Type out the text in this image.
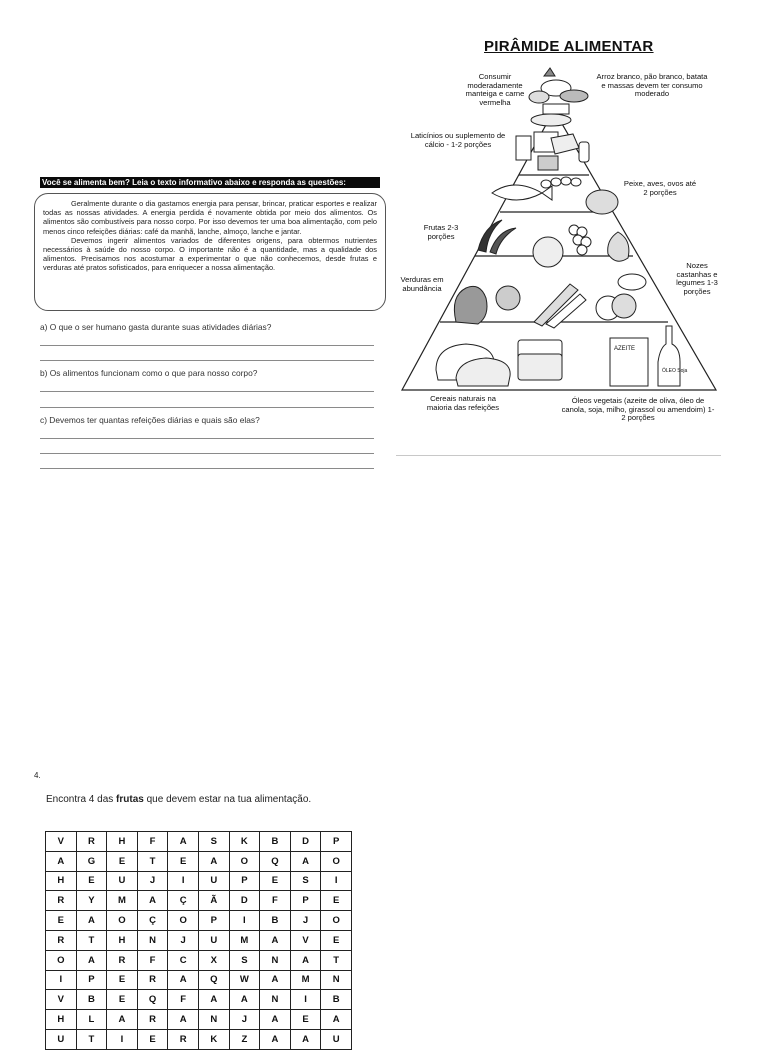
Você se alimenta bem? Leia o texto informativo abaixo e responda as questões:

Geralmente durante o dia gastamos energia para pensar, brincar, praticar esportes e realizar todas as nossas atividades. A energia perdida é novamente obtida por meio dos alimentos. Os alimentos são combustíveis para nosso corpo. Por isso devemos ter uma boa alimentação, com pelo menos cinco refeições diárias: café da manhã, lanche, almoço, lanche e jantar.

Devemos ingerir alimentos variados de diferentes origens, para obtermos nutrientes necessários à saúde do nosso corpo. O importante não é a quantidade, mas a qualidade dos alimentos. Precisamos nos acostumar a experimentar o que não conhecemos, desde frutas e verduras até pratos sofisticados, para enriquecer a nossa alimentação.

a) O que o ser humano gasta durante suas atividades diárias?
b) Os alimentos funcionam como o que para nosso corpo?
c) Devemos ter quantas refeições diárias e quais são elas?
PIRÂMIDE ALIMENTAR
AZEITE
ÓLEO Soja
Consumir moderadamente manteiga e carne vermelha
Arroz branco, pão branco, batata e massas devem ter consumo moderado
Laticínios ou suplemento de cálcio - 1-2 porções
Peixe, aves, ovos até 2 porções
Frutas 2-3 porções
Nozes castanhas e legumes 1-3 porções
Verduras em abundância
Cereais naturais na maioria das refeições
Óleos vegetais (azeite de oliva, óleo de canola, soja, milho, girassol ou amendoim) 1-2 porções
4.
Encontra 4 das frutas que devem estar na tua alimentação.
V	R	H	F	A	S	K	B	D	P
A	G	E	T	E	A	O	Q	A	O
H	E	U	J	I	U	P	E	S	I
R	Y	M	A	Ç	Ã	D	F	P	E
E	A	O	Ç	O	P	I	B	J	O
R	T	H	N	J	U	M	A	V	E
O	A	R	F	C	X	S	N	A	T
I	P	E	R	A	Q	W	A	M	N
V	B	E	Q	F	A	A	N	I	B
H	L	A	R	A	N	J	A	E	A
U	T	I	E	R	K	Z	A	A	U
